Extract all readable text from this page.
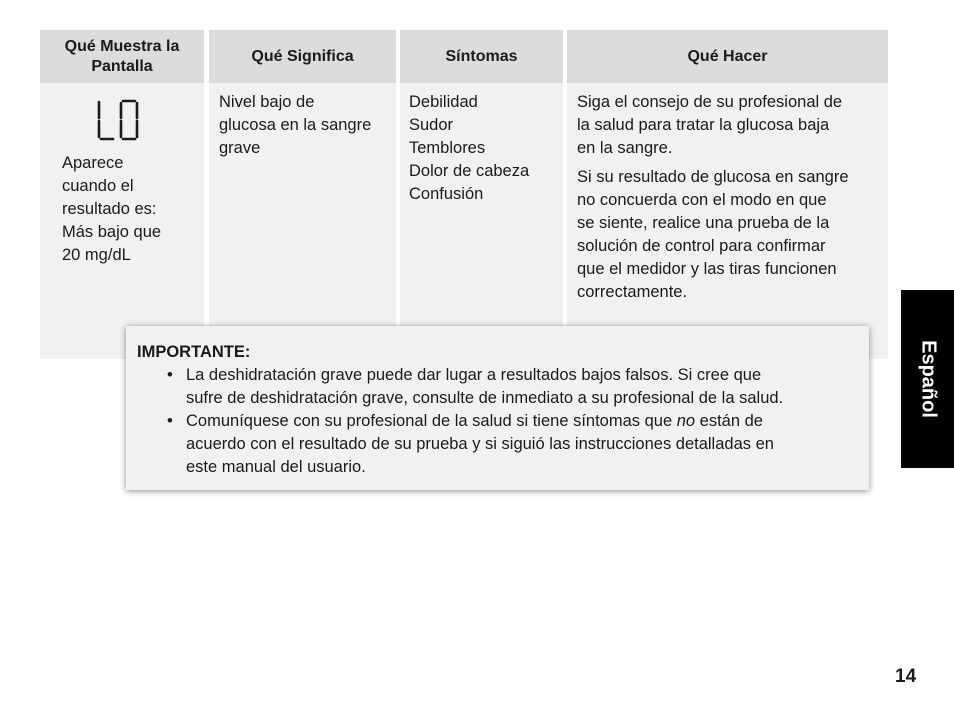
Qué Muestra la
Pantalla
Aparece
cuando el
resultado es:
Más bajo que
20 mg/dL
Qué Significa
Nivel bajo de
glucosa en la sangre
grave
Síntomas
Debilidad
Sudor
Temblores
Dolor de cabeza
Confusión
Qué Hacer
Siga el consejo de su profesional de
la salud para tratar la glucosa baja
en la sangre.
Si su resultado de glucosa en sangre
no concuerda con el modo en que
se siente, realice una prueba de la
solución de control para confirmar
que el medidor y las tiras funcionen
correctamente.
IMPORTANTE:
• La deshidratación grave puede dar lugar a resultados bajos falsos. Si cree que
sufre de deshidratación grave, consulte de inmediato a su profesional de la salud.
• Comuníquese con su profesional de la salud si tiene síntomas que no están de
acuerdo con el resultado de su prueba y si siguió las instrucciones detalladas en
este manual del usuario.
Español
14
